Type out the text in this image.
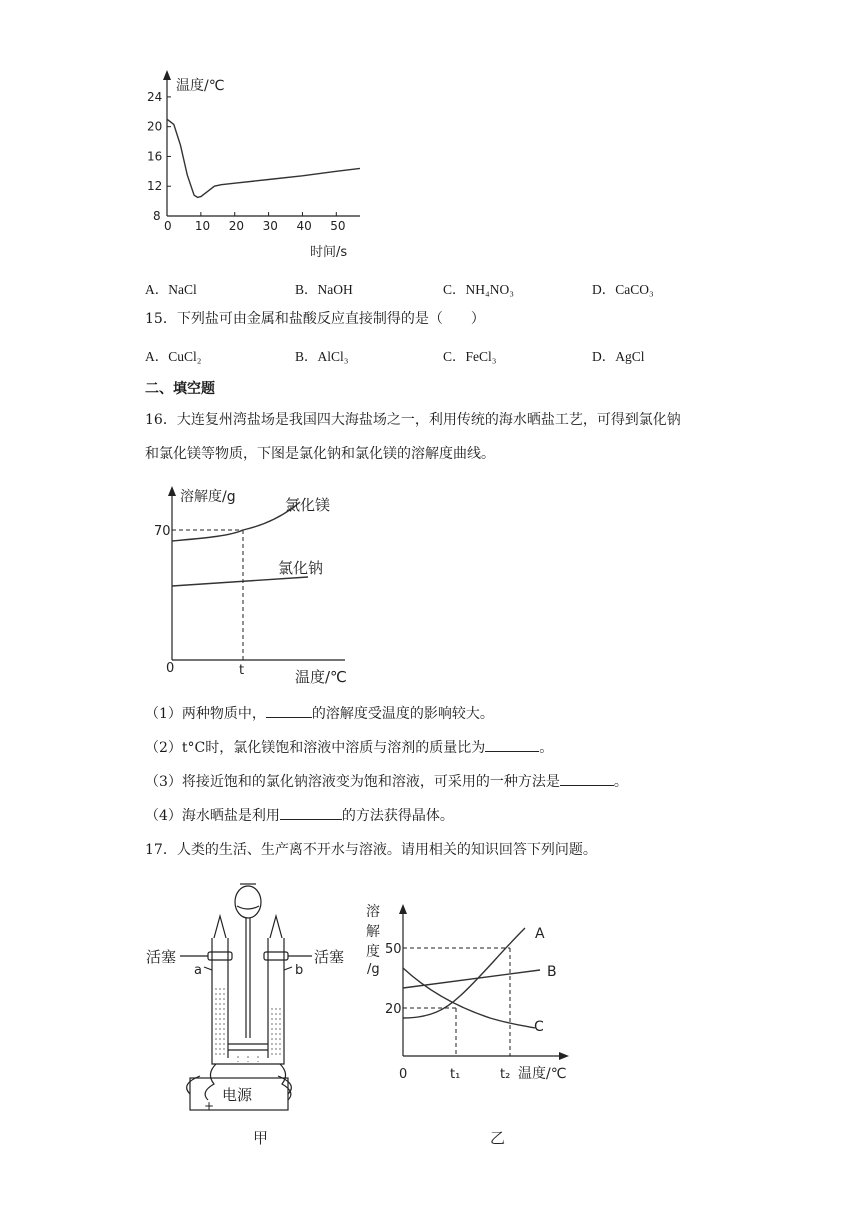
温度/℃
时间/s
0 10 20 30 40 50
8
12
16
20
24
A．NaCl	B．NaOH	C．NH₄NO₃	D．CaCO₃
15．下列盐可由金属和盐酸反应直接制得的是（　　）
A．CuCl₂	B．AlCl₃	C．FeCl₃	D．AgCl
二、填空题
16．大连复州湾盐场是我国四大海盐场之一，利用传统的海水晒盐工艺，可得到氯化钠
和氯化镁等物质，下图是氯化钠和氯化镁的溶解度曲线。
溶解度/g	氯化镁
氯化钠
70
0	t	温度/℃
（1）两种物质中，	的溶解度受温度的影响较大。
（2）t°C时，氯化镁饱和溶液中溶质与溶剂的质量比为	。
（3）将接近饱和的氯化钠溶液变为饱和溶液，可采用的一种方法是	。
（4）海水晒盐是利用	的方法获得晶体。
17．人类的生活、生产离不开水与溶液。请用相关的知识回答下列问题。
活塞	活塞
a	b
电源
+
甲
溶
解
度
/g
50
20
0	t₁	t₂ 温度/℃
A
B
C
乙
